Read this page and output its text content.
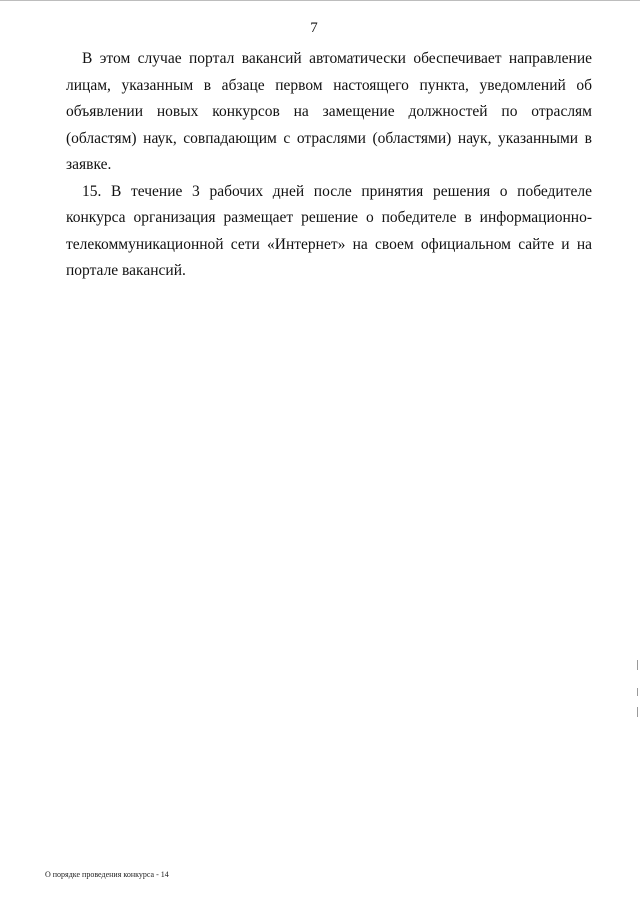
7

В этом случае портал вакансий автоматически обеспечивает направление лицам, указанным в абзаце первом настоящего пункта, уведомлений об объявлении новых конкурсов на замещение должностей по отраслям (областям) наук, совпадающим с отраслями (областями) наук, указанными в заявке.

15. В течение 3 рабочих дней после принятия решения о победителе конкурса организация размещает решение о победителе в информационно-телекоммуникационной сети «Интернет» на своем официальном сайте и на портале вакансий.

О порядке проведения конкурса - 14
